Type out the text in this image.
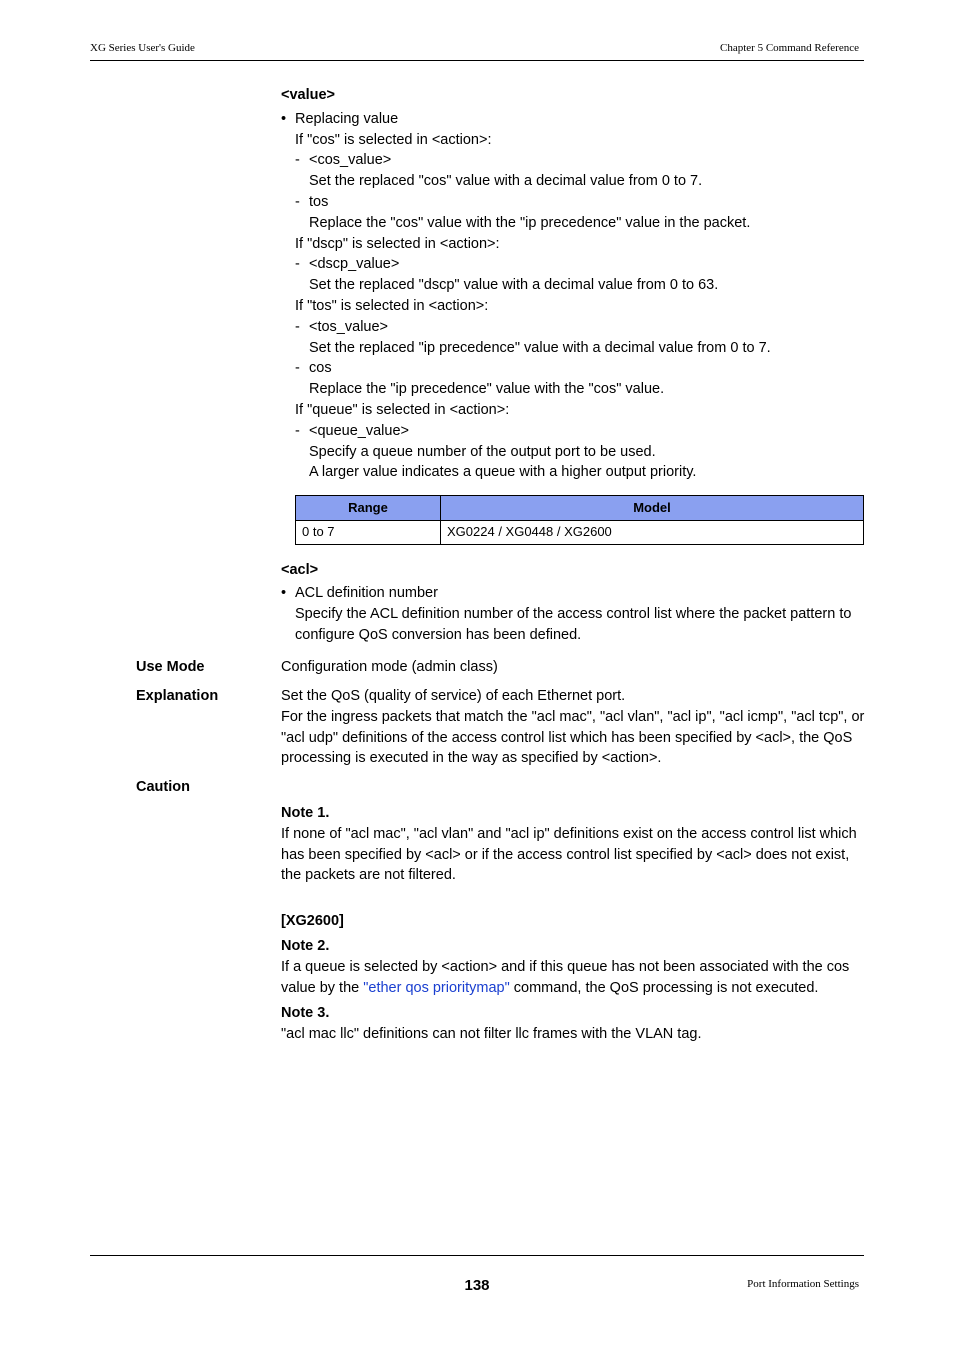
XG Series User's Guide	Chapter 5 Command Reference

<value>

• Replacing value

If "cos" is selected in <action>:

- <cos_value>

Set the replaced "cos" value with a decimal value from 0 to 7.

- tos

Replace the "cos" value with the "ip precedence" value in the packet.

If "dscp" is selected in <action>:

- <dscp_value>

Set the replaced "dscp" value with a decimal value from 0 to 63.

If "tos" is selected in <action>:

- <tos_value>

Set the replaced "ip precedence" value with a decimal value from 0 to 7.

- cos

Replace the "ip precedence" value with the "cos" value.

If "queue" is selected in <action>:

- <queue_value>

Specify a queue number of the output port to be used.

A larger value indicates a queue with a higher output priority.

Range	Model
0 to 7	XG0224 / XG0448 / XG2600

<acl>

• ACL definition number

Specify the ACL definition number of the access control list where the packet pattern to configure QoS conversion has been defined.

Use Mode	Configuration mode (admin class)

Explanation	Set the QoS (quality of service) of each Ethernet port.

For the ingress packets that match the "acl mac", "acl vlan", "acl ip", "acl icmp", "acl tcp", or "acl udp" definitions of the access control list which has been specified by <acl>, the QoS processing is executed in the way as specified by <action>.

Caution

Note 1.

If none of "acl mac", "acl vlan" and "acl ip" definitions exist on the access control list which has been specified by <acl> or if the access control list specified by <acl> does not exist, the packets are not filtered.

[XG2600]

Note 2.

If a queue is selected by <action> and if this queue has not been associated with the cos value by the "ether qos prioritymap" command, the QoS processing is not executed.

Note 3.

"acl mac llc" definitions can not filter llc frames with the VLAN tag.

138	Port Information Settings
